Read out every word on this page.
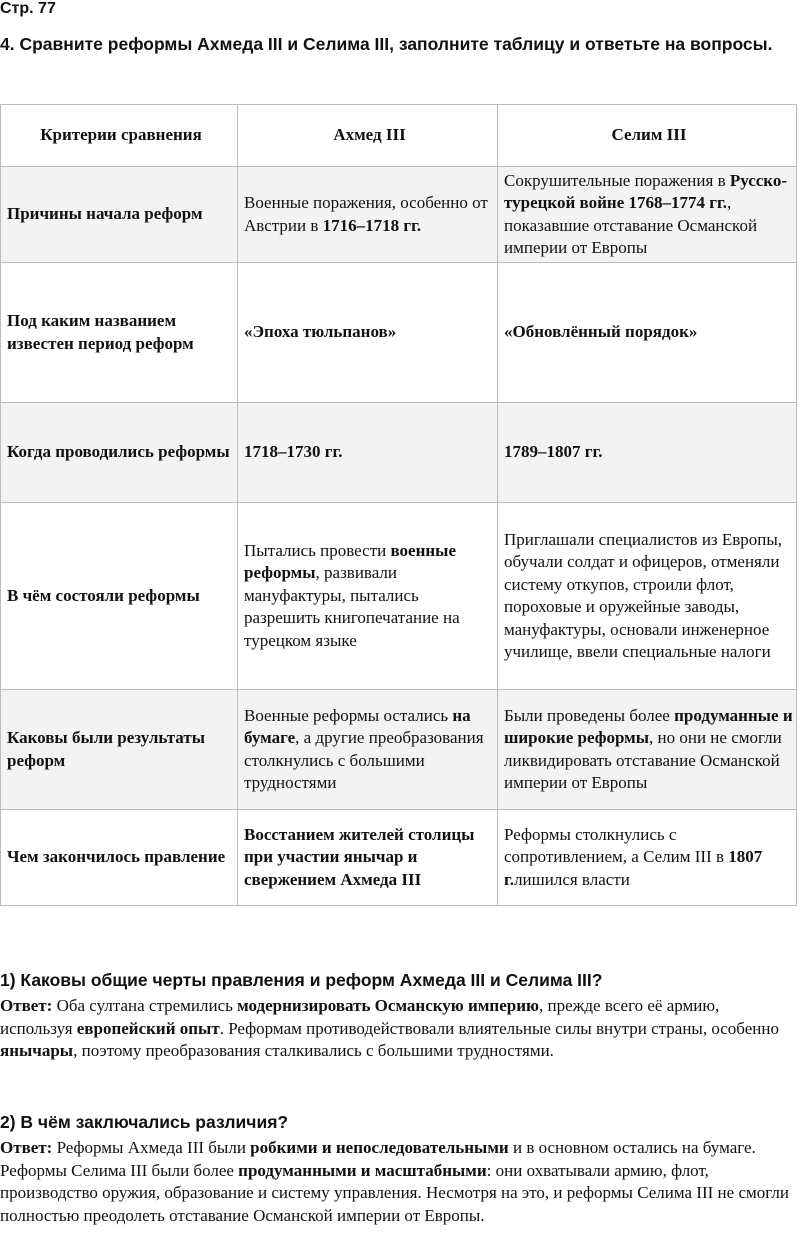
Стр. 77
4. Сравните реформы Ахмеда III и Селима III, заполните таблицу и ответьте на вопросы.
Критерии сравнения	Ахмед III	Селим III
Причины начала реформ	Военные поражения, особенно от Австрии в 1716–1718 гг.	Сокрушительные поражения в Русско-турецкой войне 1768–1774 гг., показавшие отставание Османской империи от Европы
Под каким названием известен период реформ	«Эпоха тюльпанов»	«Обновлённый порядок»
Когда проводились реформы	1718–1730 гг.	1789–1807 гг.
В чём состояли реформы	Пытались провести военные реформы, развивали мануфактуры, пытались разрешить книгопечатание на турецком языке	Приглашали специалистов из Европы, обучали солдат и офицеров, отменяли систему откупов, строили флот, пороховые и оружейные заводы, мануфактуры, основали инженерное училище, ввели специальные налоги
Каковы были результаты реформ	Военные реформы остались на бумаге, а другие преобразования столкнулись с большими трудностями	Были проведены более продуманные и широкие реформы, но они не смогли ликвидировать отставание Османской империи от Европы
Чем закончилось правление	Восстанием жителей столицы при участии янычар и свержением Ахмеда III	Реформы столкнулись с сопротивлением, а Селим III в 1807 г.лишился власти
1) Каковы общие черты правления и реформ Ахмеда III и Селима III?
Ответ: Оба султана стремились модернизировать Османскую империю, прежде всего её армию, используя европейский опыт. Реформам противодействовали влиятельные силы внутри страны, особенно янычары, поэтому преобразования сталкивались с большими трудностями.
2) В чём заключались различия?
Ответ: Реформы Ахмеда III были робкими и непоследовательными и в основном остались на бумаге. Реформы Селима III были более продуманными и масштабными: они охватывали армию, флот, производство оружия, образование и систему управления. Несмотря на это, и реформы Селима III не смогли полностью преодолеть отставание Османской империи от Европы.
